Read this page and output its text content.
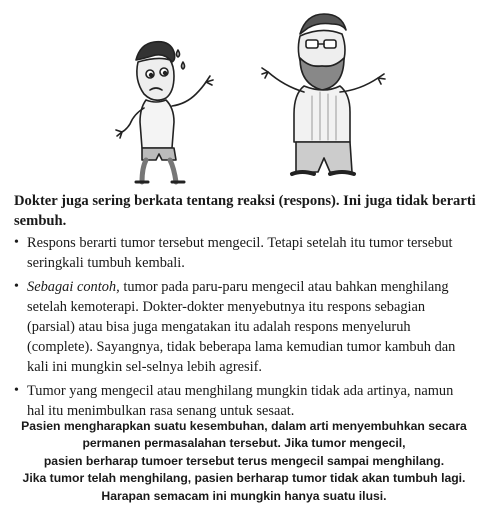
Dokter juga sering berkata tentang reaksi (respons). Ini juga tidak berarti sembuh.
• Respons berarti tumor tersebut mengecil. Tetapi setelah itu tumor tersebut seringkali tumbuh kembali.
• Sebagai contoh, tumor pada paru-paru mengecil atau bahkan menghilang setelah kemoterapi. Dokter-dokter menyebutnya itu respons sebagian (parsial) atau bisa juga mengatakan itu adalah respons menyeluruh (complete). Sayangnya, tidak beberapa lama kemudian tumor kambuh dan kali ini mungkin sel-selnya lebih agresif.
• Tumor yang mengecil atau menghilang mungkin tidak ada artinya, namun hal itu menimbulkan rasa senang untuk sesaat.
Pasien mengharapkan suatu kesembuhan, dalam arti menyembuhkan secara
permanen permasalahan tersebut. Jika tumor mengecil,
pasien berharap tumoer tersebut terus mengecil sampai menghilang.
Jika tumor telah menghilang, pasien berharap tumor tidak akan tumbuh lagi.
Harapan semacam ini mungkin hanya suatu ilusi.
